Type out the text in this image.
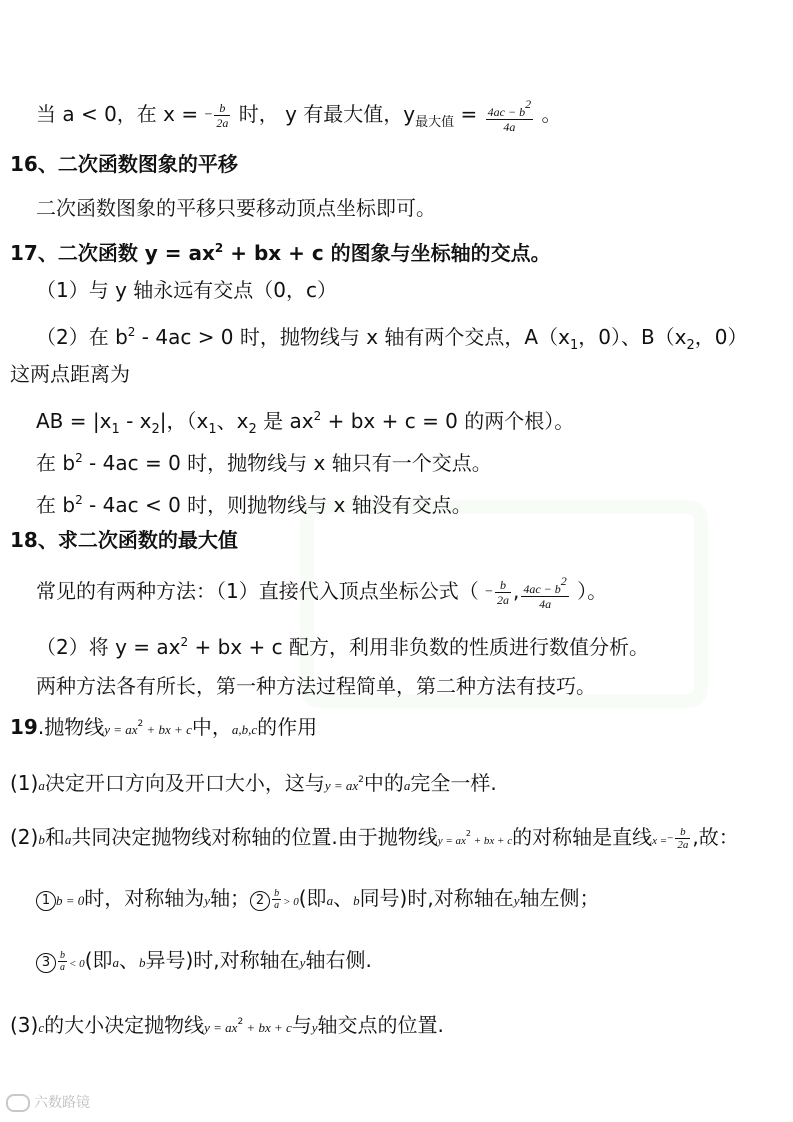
当 a < 0，在 x = − $\frac{b}{2a}$ 时， y 有最大值，$y_{最大值} = \frac{4ac - b^2}{4a}$ 。
16、二次函数图象的平移
二次函数图象的平移只要移动顶点坐标即可。
17、二次函数 $y = ax^2$ + bx + c 的图象与坐标轴的交点。
（1）与 y 轴永远有交点（0，c）
（2）在 $b^2 - 4ac > 0$ 时，抛物线与 x 轴有两个交点，$A(x_1$，0）、$B(x_2$，0）
这两点距离为
AB = $|x_1 - x_2|$，（$x_1$、$x_2$ 是 $ax^2$ + bx + c = 0 的两个根）。
在 $b^2 - 4ac = 0$ 时，抛物线与 x 轴只有一个交点。
在 $b^2 - 4ac < 0$ 时，则抛物线与 x 轴没有交点。
18、求二次函数的最大值
常见的有两种方法：（1）直接代入顶点坐标公式（ − $\frac{b}{2a}$ , $\frac{4ac - b^2}{4a}$ ）。
（2）将 $y = ax^2$ + bx + c 配方，利用非负数的性质进行数值分析。
两种方法各有所长，第一种方法过程简单，第二种方法有技巧。
19.抛物线$y = ax^2$ + bx + c中，a,b,c的作用
(1)a决定开口方向及开口大小，这与$y = ax^2$中的a完全一样.
(2)b和a共同决定抛物线对称轴的位置.由于抛物线$y = ax^2$ + bx + c的对称轴是直线$x =- \frac{b}{2a}$ ,故：
1 b = 0时，对称轴为y轴； $2 \frac{b}{a} > 0$(即a、b同号)时,对称轴在y轴左侧；
$3 \frac{b}{a} < 0$(即a、b异号)时,对称轴在y轴右侧.
(3)c的大小决定抛物线$y = ax^2$ + bx + c与y轴交点的位置.
六数路镜
